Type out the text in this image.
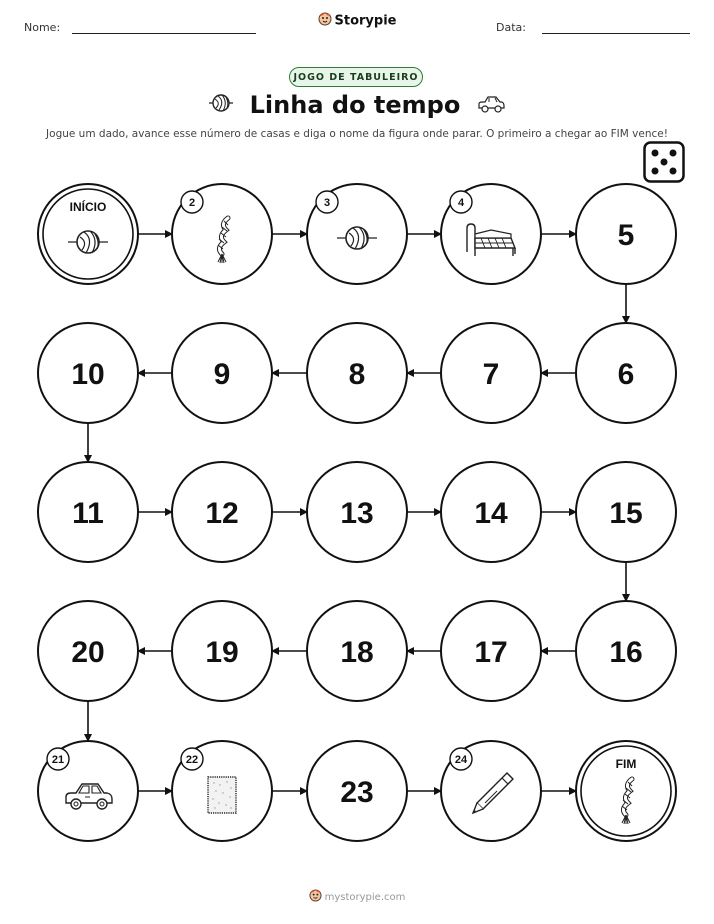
Nome:	Storypie	Data:
JOGO DE TABULEIRO
Linha do tempo
Jogue um dado, avance esse número de casas e diga o nome da figura onde parar. O primeiro a chegar ao FIM vence!
INÍCIO	2	3	4
5
6
7
8
9
10
11	12	13	14	15
16
17
18
19
20
21	22
23
24	FIM
mystorypie.com
